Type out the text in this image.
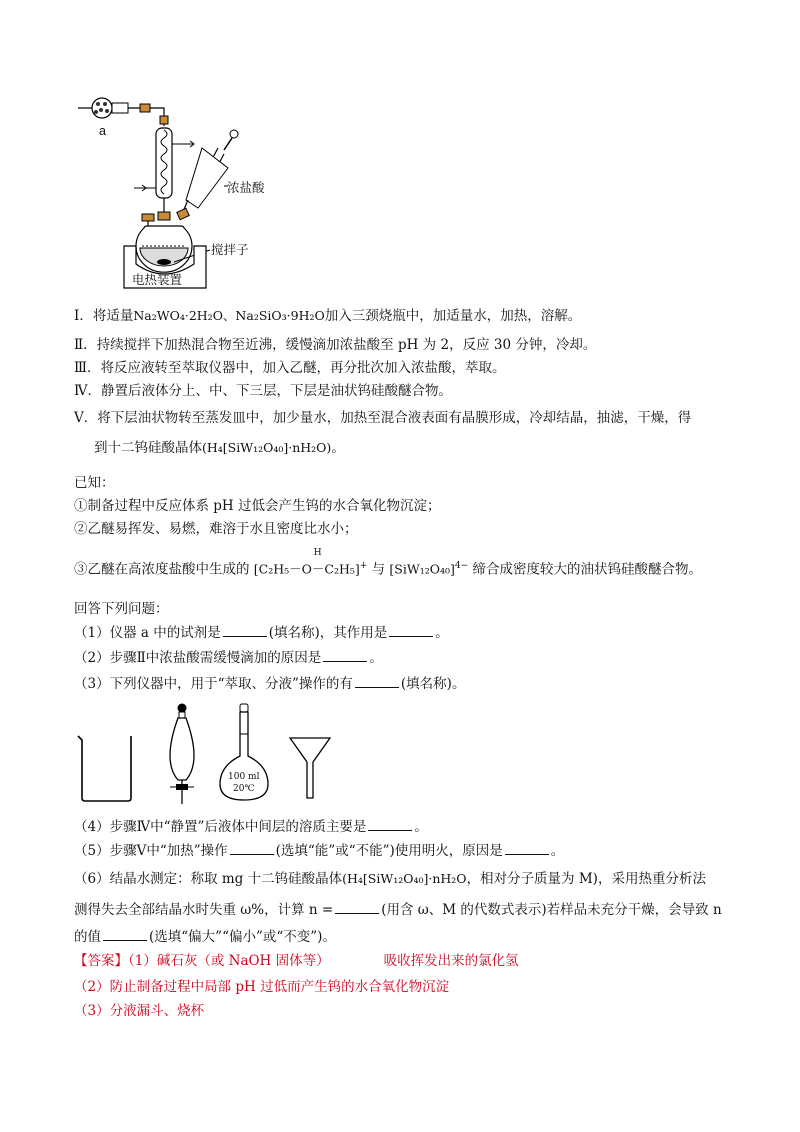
a
浓盐酸
搅拌子
电热装置
Ⅰ．将适量Na₂WO₄·2H₂O、Na₂SiO₃·9H₂O加入三颈烧瓶中，加适量水，加热，溶解。
Ⅱ．持续搅拌下加热混合物至近沸，缓慢滴加浓盐酸至 pH 为 2，反应 30 分钟，冷却。
Ⅲ．将反应液转至萃取仪器中，加入乙醚，再分批次加入浓盐酸，萃取。
Ⅳ．静置后液体分上、中、下三层，下层是油状钨硅酸醚合物。
Ⅴ．将下层油状物转至蒸发皿中，加少量水，加热至混合液表面有晶膜形成，冷却结晶，抽滤，干燥，得
到十二钨硅酸晶体(H₄[SiW₁₂O₄₀]·nH₂O)。
已知：
①制备过程中反应体系 pH 过低会产生钨的水合氧化物沉淀；
②乙醚易挥发、易燃，难溶于水且密度比水小；
③乙醚在高浓度盐酸中生成的
H
[C₂H₅－O－C₂H₅]+ 与 $[SiW_{12}O_{40}]^{4-}$ 缔合成密度较大的油状钨硅酸醚合物。
回答下列问题：
（1）仪器 a 中的试剂是	(填名称)，其作用是	。
（2）步骤Ⅱ中浓盐酸需缓慢滴加的原因是	。
（3）下列仪器中，用于“萃取、分液”操作的有	(填名称)。
100 ml
20℃
（4）步骤Ⅳ中“静置”后液体中间层的溶质主要是	。
（5）步骤Ⅴ中“加热”操作	(选填“能”或“不能”)使用明火，原因是	。
（6）结晶水测定：称取 mg 十二钨硅酸晶体(H₄[SiW₁₂O₄₀]·nH₂O，相对分子质量为 M)，采用热重分析法
测得失去全部结晶水时失重 ω%，计算 n =	(用含 ω、M 的代数式表示)若样品未充分干燥，会导致 n
的值	(选填“偏大”“偏小”或“不变”)。
【答案】（1）碱石灰（或 NaOH 固体等）	吸收挥发出来的氯化氢
（2）防止制备过程中局部 pH 过低而产生钨的水合氧化物沉淀
（3）分液漏斗、烧杯
